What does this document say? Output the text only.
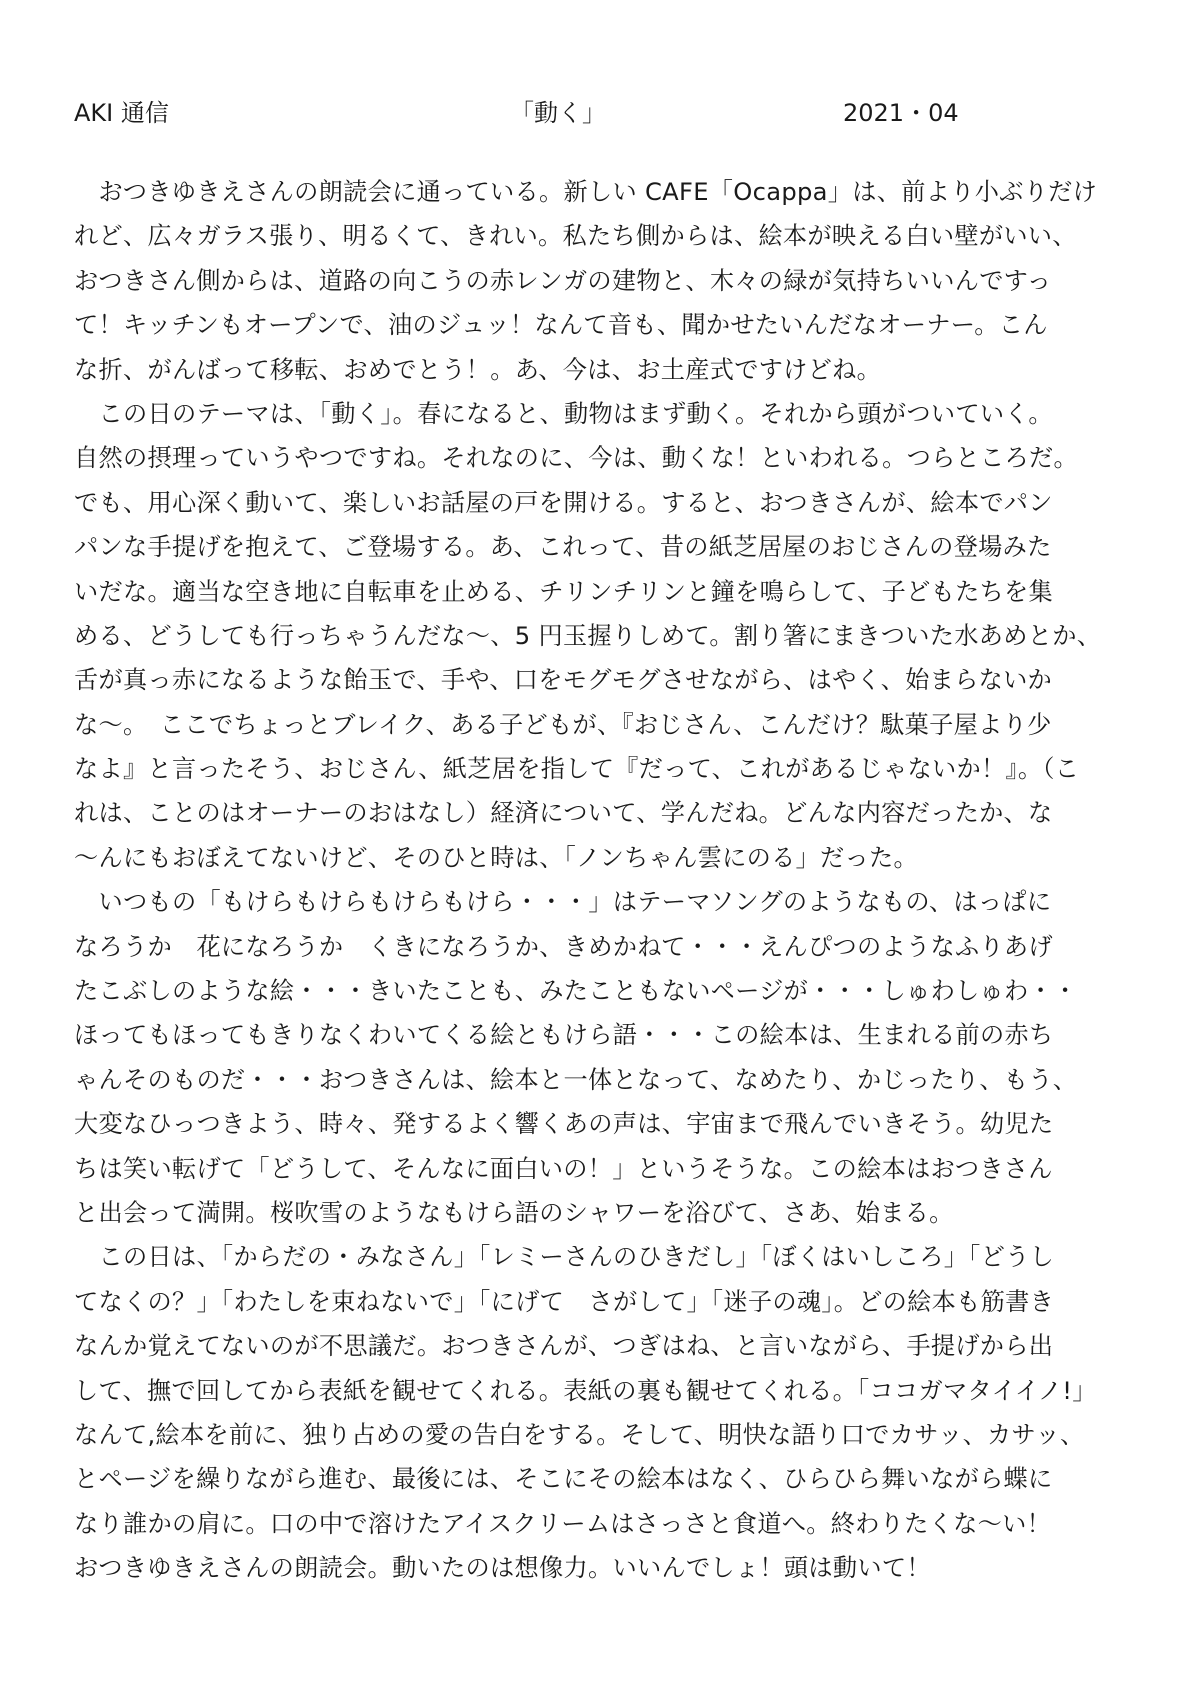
AKI 通信	「動く」	2021・04
　おつきゆきえさんの朗読会に通っている。新しい CAFE「Ocappa」は、前より小ぶりだけ
れど、広々ガラス張り、明るくて、きれい。私たち側からは、絵本が映える白い壁がいい、
おつきさん側からは、道路の向こうの赤レンガの建物と、木々の緑が気持ちいいんですっ
て！キッチンもオープンで、油のジュッ！なんて音も、聞かせたいんだなオーナー。こん
な折、がんばって移転、おめでとう！。あ、今は、お土産式ですけどね。
　この日のテーマは、「動く」。春になると、動物はまず動く。それから頭がついていく。
自然の摂理っていうやつですね。それなのに、今は、動くな！といわれる。つらところだ。
でも、用心深く動いて、楽しいお話屋の戸を開ける。すると、おつきさんが、絵本でパン
パンな手提げを抱えて、ご登場する。あ、これって、昔の紙芝居屋のおじさんの登場みた
いだな。適当な空き地に自転車を止める、チリンチリンと鐘を鳴らして、子どもたちを集
める、どうしても行っちゃうんだな～、5 円玉握りしめて。割り箸にまきついた水あめとか、
舌が真っ赤になるような飴玉で、手や、口をモグモグさせながら、はやく、始まらないか
な～。　ここでちょっとブレイク、ある子どもが、『おじさん、こんだけ？駄菓子屋より少
なよ』と言ったそう、おじさん、紙芝居を指して『だって、これがあるじゃないか！』。（こ
れは、ことのはオーナーのおはなし）経済について、学んだね。どんな内容だったか、な
～んにもおぼえてないけど、そのひと時は、「ノンちゃん雲にのる」だった。
　いつもの「もけらもけらもけらもけら・・・」はテーマソングのようなもの、はっぱに
なろうか　花になろうか　くきになろうか、きめかねて・・・えんぴつのようなふりあげ
たこぶしのような絵・・・きいたことも、みたこともないページが・・・しゅわしゅわ・・
ほってもほってもきりなくわいてくる絵ともけら語・・・この絵本は、生まれる前の赤ち
ゃんそのものだ・・・おつきさんは、絵本と一体となって、なめたり、かじったり、もう、
大変なひっつきよう、時々、発するよく響くあの声は、宇宙まで飛んでいきそう。幼児た
ちは笑い転げて「どうして、そんなに面白いの！」というそうな。この絵本はおつきさん
と出会って満開。桜吹雪のようなもけら語のシャワーを浴びて、さあ、始まる。
　この日は、「からだの・みなさん」「レミーさんのひきだし」「ぼくはいしころ」「どうし
てなくの？」「わたしを束ねないで」「にげて　さがして」「迷子の魂」。どの絵本も筋書き
なんか覚えてないのが不思議だ。おつきさんが、つぎはね、と言いながら、手提げから出
して、撫で回してから表紙を観せてくれる。表紙の裏も観せてくれる。「ココガマタイイノ!」
なんて,絵本を前に、独り占めの愛の告白をする。そして、明快な語り口でカサッ、カサッ、
とページを繰りながら進む、最後には、そこにその絵本はなく、ひらひら舞いながら蝶に
なり誰かの肩に。口の中で溶けたアイスクリームはさっさと食道へ。終わりたくな～い！
おつきゆきえさんの朗読会。動いたのは想像力。いいんでしょ！頭は動いて！
